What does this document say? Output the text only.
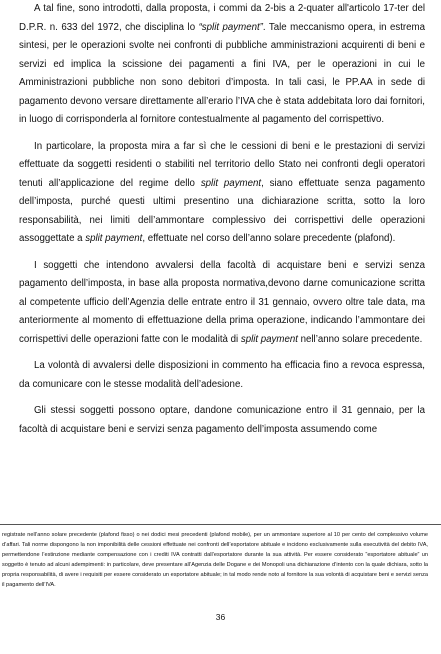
A tal fine, sono introdotti, dalla proposta, i commi da 2-bis a 2-quater all'articolo 17-ter del D.P.R. n. 633 del 1972, che disciplina lo “split payment”. Tale meccanismo opera, in estrema sintesi, per le operazioni svolte nei confronti di pubbliche amministrazioni acquirenti di beni e servizi ed implica la scissione dei pagamenti a fini IVA, per le operazioni in cui le Amministrazioni pubbliche non sono debitori d’imposta. In tali casi, le PP.AA in sede di pagamento devono versare direttamente all’erario l’IVA che è stata addebitata loro dai fornitori, in luogo di corrisponderla al fornitore contestualmente al pagamento del corrispettivo.

In particolare, la proposta mira a far sì che le cessioni di beni e le prestazioni di servizi effettuate da soggetti residenti o stabiliti nel territorio dello Stato nei confronti degli operatori tenuti all’applicazione del regime dello split payment, siano effettuate senza pagamento dell’imposta, purché questi ultimi presentino una dichiarazione scritta, sotto la loro responsabilità, nei limiti dell’ammontare complessivo dei corrispettivi delle operazioni assoggettate a split payment, effettuate nel corso dell’anno solare precedente (plafond).

I soggetti che intendono avvalersi della facoltà di acquistare beni e servizi senza pagamento dell’imposta, in base alla proposta normativa,devono darne comunicazione scritta al competente ufficio dell’Agenzia delle entrate entro il 31 gennaio, ovvero oltre tale data, ma anteriormente al momento di effettuazione della prima operazione, indicando l’ammontare dei corrispettivi delle operazioni fatte con le modalità di split payment nell’anno solare precedente.

La volontà di avvalersi delle disposizioni in commento ha efficacia fino a revoca espressa, da comunicare con le stesse modalità dell’adesione.

Gli stessi soggetti possono optare, dandone comunicazione entro il 31 gennaio, per la facoltà di acquistare beni e servizi senza pagamento dell’imposta assumendo come

registrate nell’anno solare precedente (plafond fisso) o nei dodici mesi precedenti (plafond mobile), per un ammontare superiore al 10 per cento del complessivo volume d’affari. Tali norme dispongono la non imponibilità delle cessioni effettuate nei confronti dell’esportatore abituale e incidono esclusivamente sulla esecutività del debito IVA, permettendone l’estinzione mediante compensazione con i crediti IVA contratti dall’esportatore durante la sua attività. Per essere considerato “esportatore abituale” un soggetto è tenuto ad alcuni adempimenti: in particolare, deve presentare all’Agenzia delle Dogane e dei Monopoli una dichiarazione d’intento con la quale dichiara, sotto la propria responsabilità, di avere i requisiti per essere considerato un esportatore abituale; in tal modo rende noto al fornitore la sua volontà di acquistare beni e servizi senza il pagamento dell’IVA.

36
